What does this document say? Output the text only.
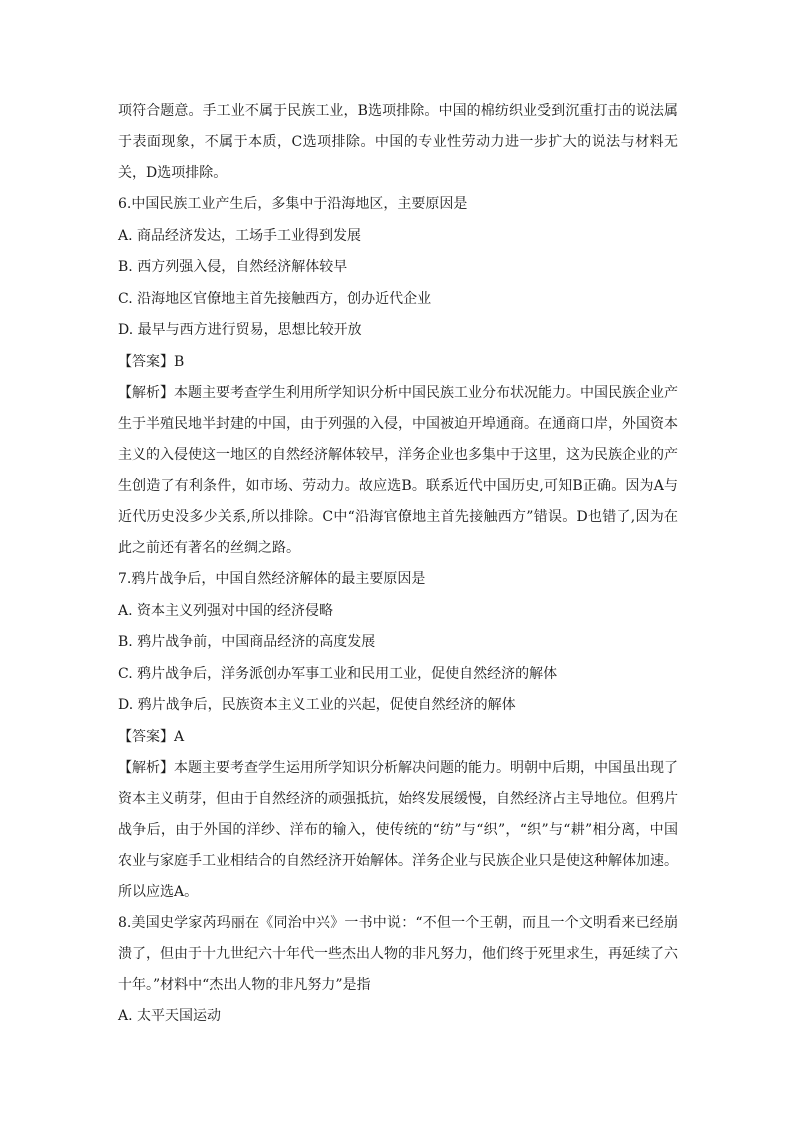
项符合题意。手工业不属于民族工业，B选项排除。中国的棉纺织业受到沉重打击的说法属于表面现象，不属于本质，C选项排除。中国的专业性劳动力进一步扩大的说法与材料无关，D选项排除。

6.中国民族工业产生后，多集中于沿海地区，主要原因是

A. 商品经济发达，工场手工业得到发展

B. 西方列强入侵，自然经济解体较早

C. 沿海地区官僚地主首先接触西方，创办近代企业

D. 最早与西方进行贸易，思想比较开放

【答案】B

【解析】本题主要考查学生利用所学知识分析中国民族工业分布状况能力。中国民族企业产生于半殖民地半封建的中国，由于列强的入侵，中国被迫开埠通商。在通商口岸，外国资本主义的入侵使这一地区的自然经济解体较早，洋务企业也多集中于这里，这为民族企业的产生创造了有利条件，如市场、劳动力。故应选B。联系近代中国历史,可知B正确。因为A与近代历史没多少关系,所以排除。C中“沿海官僚地主首先接触西方”错误。D也错了,因为在此之前还有著名的丝绸之路。

7.鸦片战争后，中国自然经济解体的最主要原因是

A. 资本主义列强对中国的经济侵略

B. 鸦片战争前，中国商品经济的高度发展

C. 鸦片战争后，洋务派创办军事工业和民用工业，促使自然经济的解体

D. 鸦片战争后，民族资本主义工业的兴起，促使自然经济的解体

【答案】A

【解析】本题主要考查学生运用所学知识分析解决问题的能力。明朝中后期，中国虽出现了资本主义萌芽，但由于自然经济的顽强抵抗，始终发展缓慢，自然经济占主导地位。但鸦片战争后，由于外国的洋纱、洋布的输入，使传统的“纺”与“织”，“织”与“耕”相分离，中国农业与家庭手工业相结合的自然经济开始解体。洋务企业与民族企业只是使这种解体加速。所以应选A。

8.美国史学家芮玛丽在《同治中兴》一书中说：“不但一个王朝，而且一个文明看来已经崩溃了，但由于十九世纪六十年代一些杰出人物的非凡努力，他们终于死里求生，再延续了六十年。”材料中“杰出人物的非凡努力”是指

A. 太平天国运动
